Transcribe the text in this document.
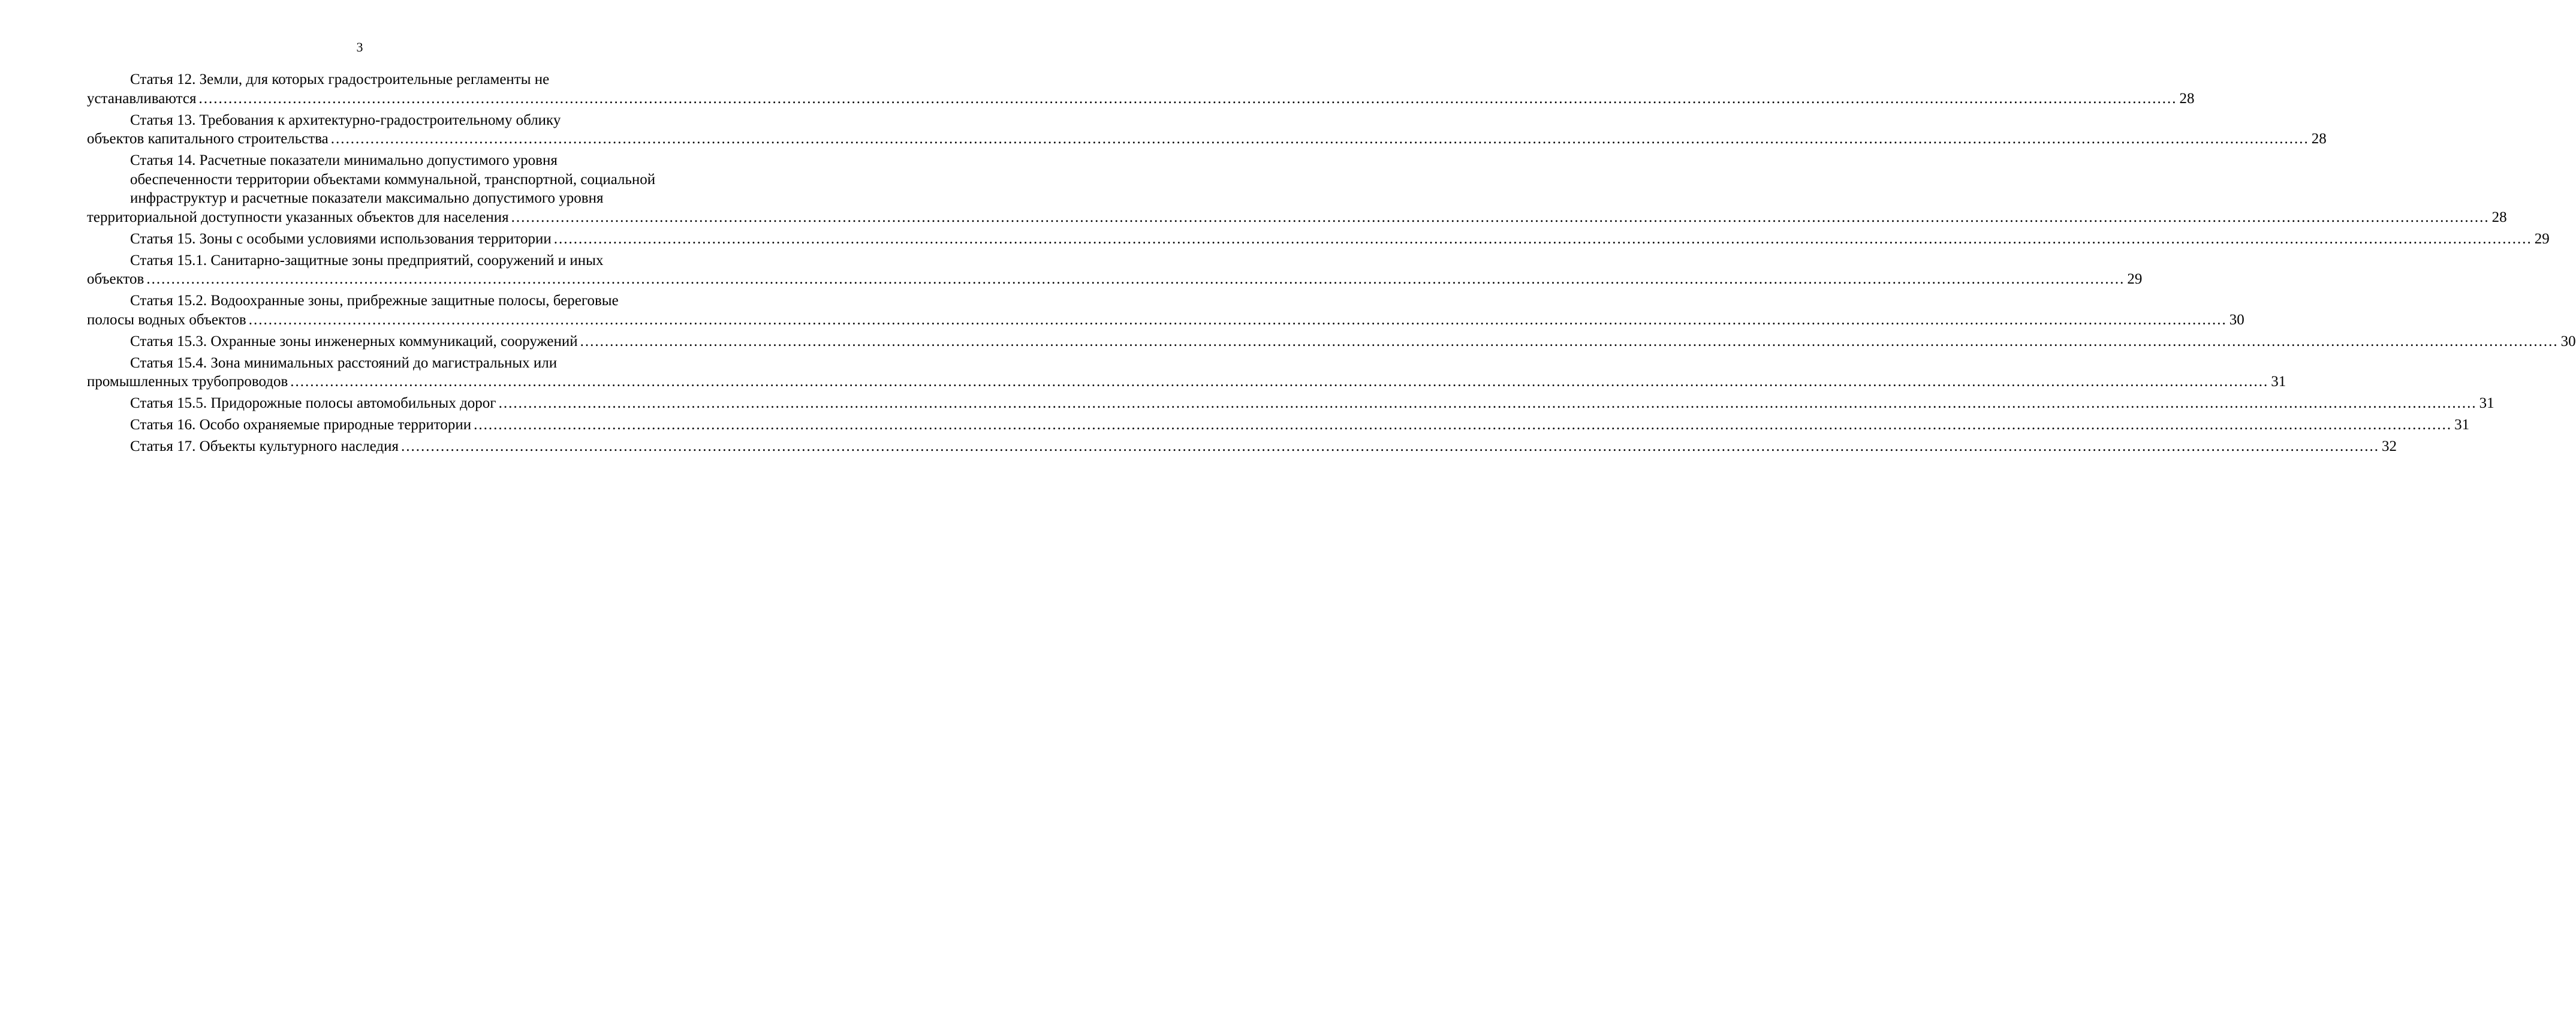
3
Статья 12. Земли, для которых градостроительные регламенты не
устанавливаются ................................................................................................................................................................................................................................................................................................................................................................................................................ 28
Статья 13. Требования к архитектурно-градостроительному облику
объектов капитального строительства ................................................................................................................................................................................................................................................................................................................................................................................................................ 28
Статья 14. Расчетные показатели минимально допустимого уровня
обеспеченности территории объектами коммунальной, транспортной, социальной
инфраструктур и расчетные показатели максимально допустимого уровня
территориальной доступности указанных объектов для населения ................................................................................................................................................................................................................................................................................................................................................................................................................ 28
Статья 15. Зоны с особыми условиями использования территории ................................................................................................................................................................................................................................................................................................................................................................................................................ 29
Статья 15.1. Санитарно-защитные зоны предприятий, сооружений и иных
объектов ................................................................................................................................................................................................................................................................................................................................................................................................................ 29
Статья 15.2. Водоохранные зоны, прибрежные защитные полосы, береговые
полосы водных объектов ................................................................................................................................................................................................................................................................................................................................................................................................................ 30
Статья 15.3. Охранные зоны инженерных коммуникаций, сооружений ................................................................................................................................................................................................................................................................................................................................................................................................................ 30
Статья 15.4. Зона минимальных расстояний до магистральных или
промышленных трубопроводов ................................................................................................................................................................................................................................................................................................................................................................................................................ 31
Статья 15.5. Придорожные полосы автомобильных дорог ................................................................................................................................................................................................................................................................................................................................................................................................................ 31
Статья 16. Особо охраняемые природные территории ................................................................................................................................................................................................................................................................................................................................................................................................................ 31
Статья 17. Объекты культурного наследия ................................................................................................................................................................................................................................................................................................................................................................................................................ 32
